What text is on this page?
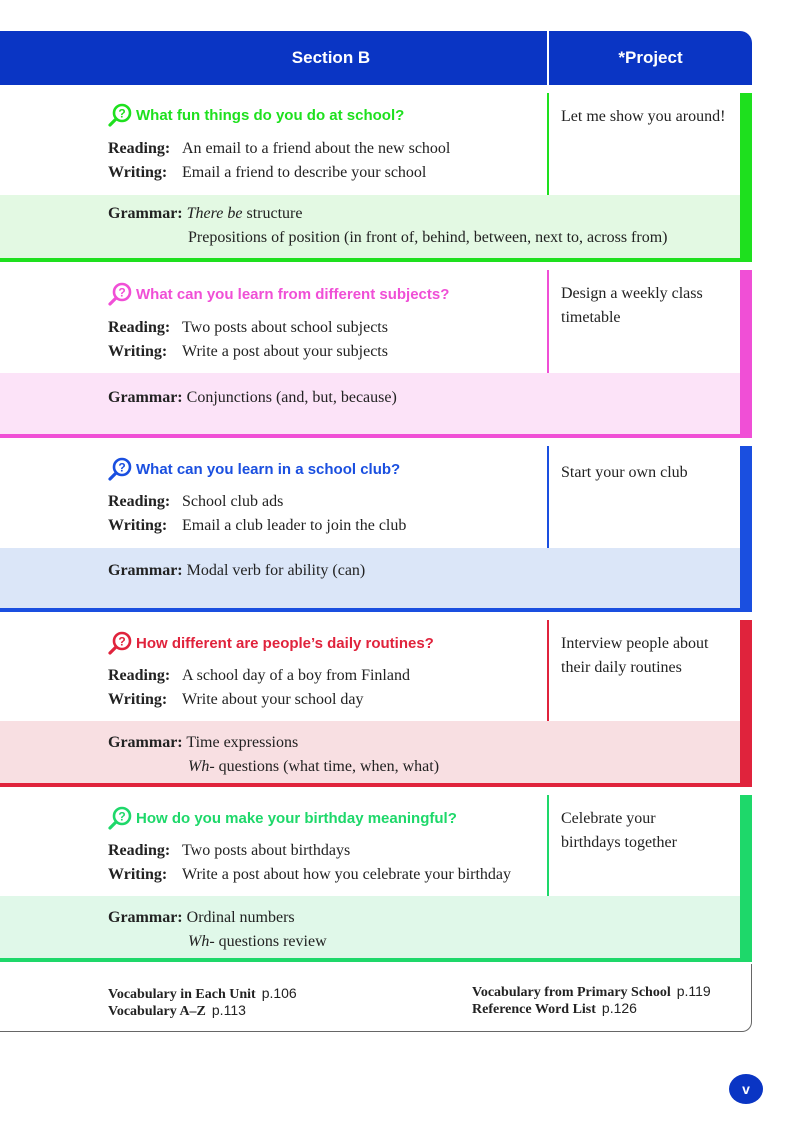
Section B	*Project
? What fun things do you do at school?
Reading: An email to a friend about the new school
Writing: Email a friend to describe your school
Let me show you around!
Grammar: There be structure
Prepositions of position (in front of, behind, between, next to, across from)
? What can you learn from different subjects?
Reading: Two posts about school subjects
Writing: Write a post about your subjects
Design a weekly class timetable
Grammar: Conjunctions (and, but, because)
? What can you learn in a school club?
Reading: School club ads
Writing: Email a club leader to join the club
Start your own club
Grammar: Modal verb for ability (can)
? How different are people’s daily routines?
Reading: A school day of a boy from Finland
Writing: Write about your school day
Interview people about their daily routines
Grammar: Time expressions
Wh- questions (what time, when, what)
? How do you make your birthday meaningful?
Reading: Two posts about birthdays
Writing: Write a post about how you celebrate your birthday
Celebrate your birthdays together
Grammar: Ordinal numbers
Wh- questions review
Vocabulary in Each Unit p.106
Vocabulary A–Z p.113
Vocabulary from Primary School p.119
Reference Word List p.126
v
